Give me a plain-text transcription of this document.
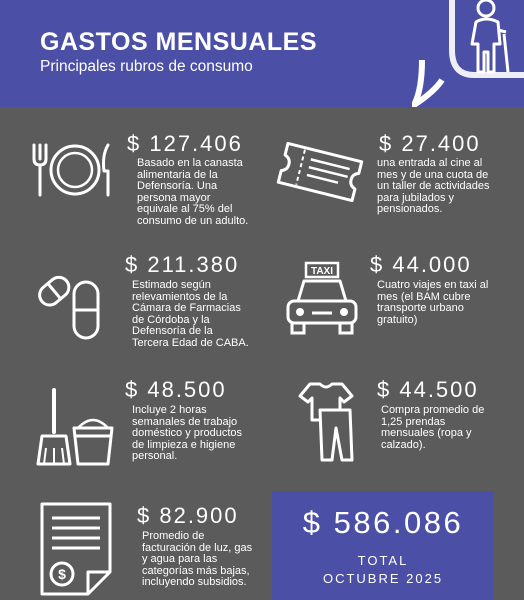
GASTOS MENSUALES
Principales rubros de consumo
$ 127.406
Basado en la canasta
alimentaria de la
Defensoría. Una
persona mayor
equivale al 75% del
consumo de un adulto.
$ 27.400
una entrada al cine al
mes y de una cuota de
un taller de actividades
para jubilados y
pensionados.
$ 211.380
Estimado según
relevamientos de la
Cámara de Farmacias
de Córdoba y la
Defensoría de la
Tercera Edad de CABA.
TAXI $ 44.000
Cuatro viajes en taxi al
mes (el BAM cubre
transporte urbano
gratuito)
$ 48.500
Incluye 2 horas
semanales de trabajo
doméstico y productos
de limpieza e higiene
personal.
$ 44.500
Compra promedio de
1,25 prendas
mensuales (ropa y
calzado).
$
$ 82.900
Promedio de
facturación de luz, gas
y agua para las
categorías más bajas,
incluyendo subsidios.
$ 586.086
TOTAL
OCTUBRE 2025
